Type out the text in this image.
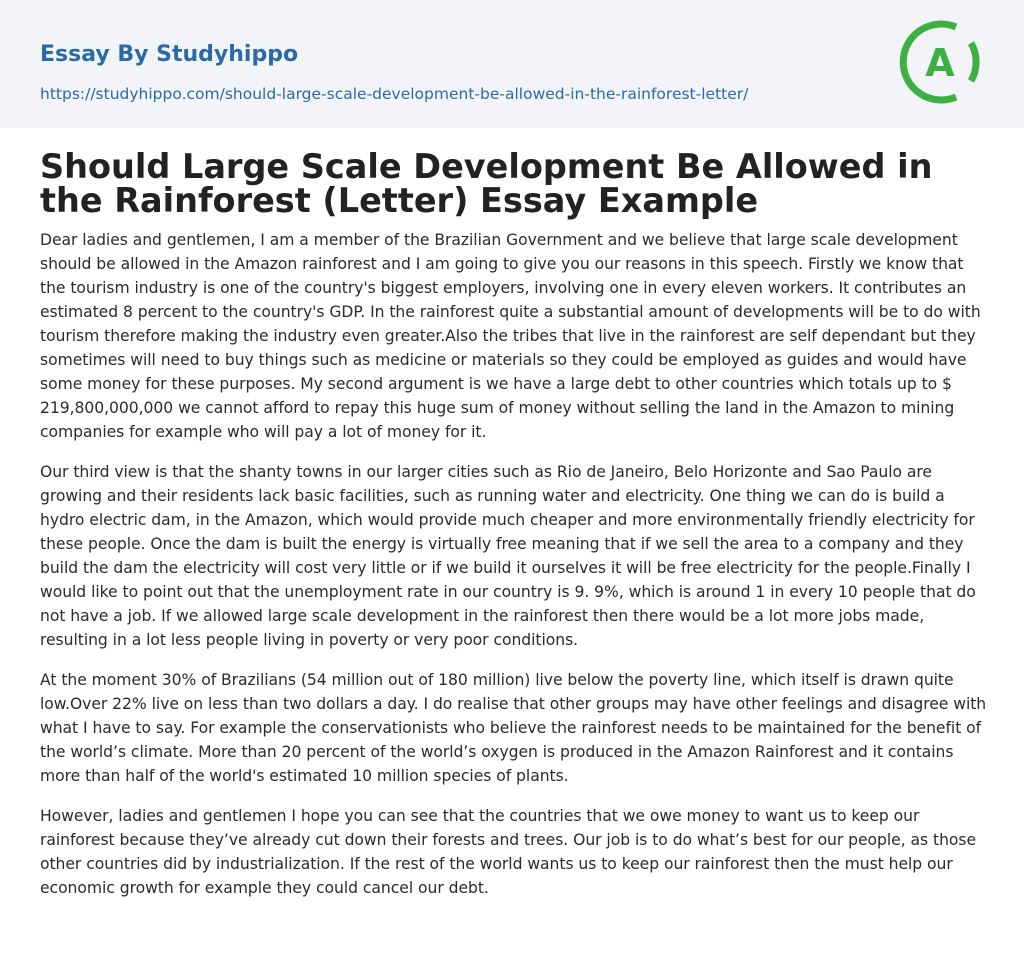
Essay By Studyhippo
https://studyhippo.com/should-large-scale-development-be-allowed-in-the-rainforest-letter/
A
Should Large Scale Development Be Allowed in the Rainforest (Letter) Essay Example

Dear ladies and gentlemen, I am a member of the Brazilian Government and we believe that large scale development should be allowed in the Amazon rainforest and I am going to give you our reasons in this speech. Firstly we know that the tourism industry is one of the country's biggest employers, involving one in every eleven workers. It contributes an estimated 8 percent to the country's GDP. In the rainforest quite a substantial amount of developments will be to do with tourism therefore making the industry even greater.Also the tribes that live in the rainforest are self dependant but they sometimes will need to buy things such as medicine or materials so they could be employed as guides and would have some money for these purposes. My second argument is we have a large debt to other countries which totals up to $ 219,800,000,000 we cannot afford to repay this huge sum of money without selling the land in the Amazon to mining companies for example who will pay a lot of money for it.

Our third view is that the shanty towns in our larger cities such as Rio de Janeiro, Belo Horizonte and Sao Paulo are growing and their residents lack basic facilities, such as running water and electricity. One thing we can do is build a hydro electric dam, in the Amazon, which would provide much cheaper and more environmentally friendly electricity for these people. Once the dam is built the energy is virtually free meaning that if we sell the area to a company and they build the dam the electricity will cost very little or if we build it ourselves it will be free electricity for the people.Finally I would like to point out that the unemployment rate in our country is 9. 9%, which is around 1 in every 10 people that do not have a job. If we allowed large scale development in the rainforest then there would be a lot more jobs made, resulting in a lot less people living in poverty or very poor conditions.

At the moment 30% of Brazilians (54 million out of 180 million) live below the poverty line, which itself is drawn quite low.Over 22% live on less than two dollars a day. I do realise that other groups may have other feelings and disagree with what I have to say. For example the conservationists who believe the rainforest needs to be maintained for the benefit of the world’s climate. More than 20 percent of the world’s oxygen is produced in the Amazon Rainforest and it contains more than half of the world's estimated 10 million species of plants.

However, ladies and gentlemen I hope you can see that the countries that we owe money to want us to keep our rainforest because they’ve already cut down their forests and trees. Our job is to do what’s best for our people, as those other countries did by industrialization. If the rest of the world wants us to keep our rainforest then the must help our economic growth for example they could cancel our debt.
